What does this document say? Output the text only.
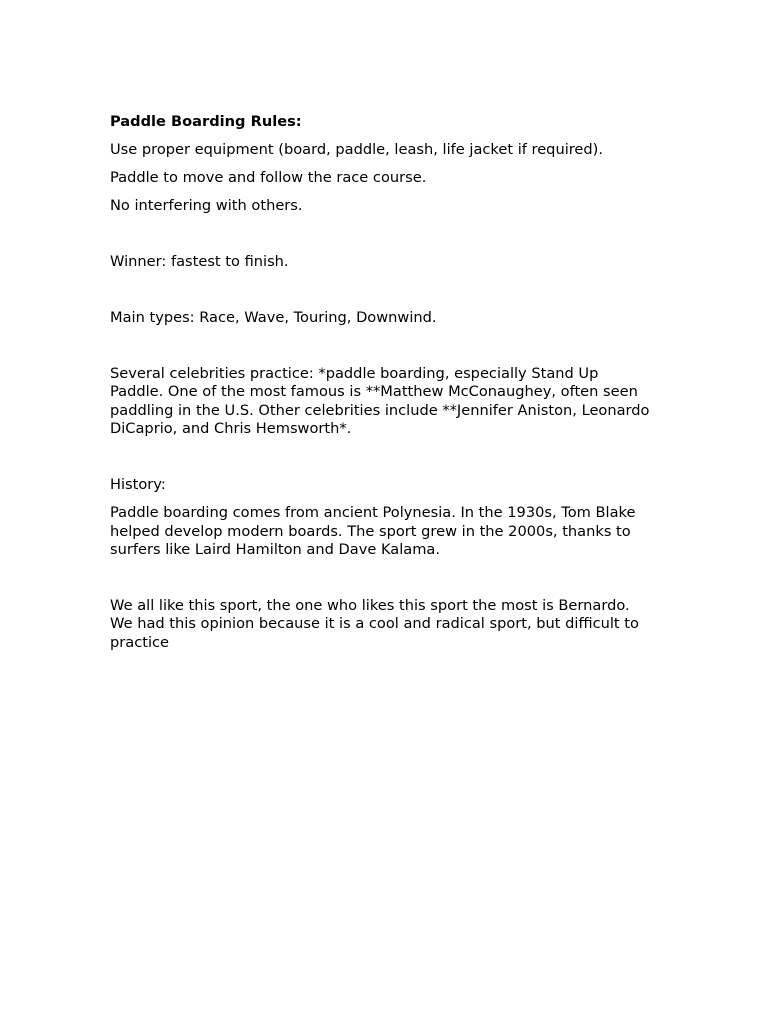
Paddle Boarding Rules:

Use proper equipment (board, paddle, leash, life jacket if required).

Paddle to move and follow the race course.

No interfering with others.

Winner: fastest to finish.

Main types: Race, Wave, Touring, Downwind.

Several celebrities practice: *paddle boarding, especially Stand Up Paddle. One of the most famous is **Matthew McConaughey, often seen paddling in the U.S. Other celebrities include **Jennifer Aniston, Leonardo DiCaprio, and Chris Hemsworth*.

History:

Paddle boarding comes from ancient Polynesia. In the 1930s, Tom Blake helped develop modern boards. The sport grew in the 2000s, thanks to surfers like Laird Hamilton and Dave Kalama.

We all like this sport, the one who likes this sport the most is Bernardo. We had this opinion because it is a cool and radical sport, but difficult to practice
